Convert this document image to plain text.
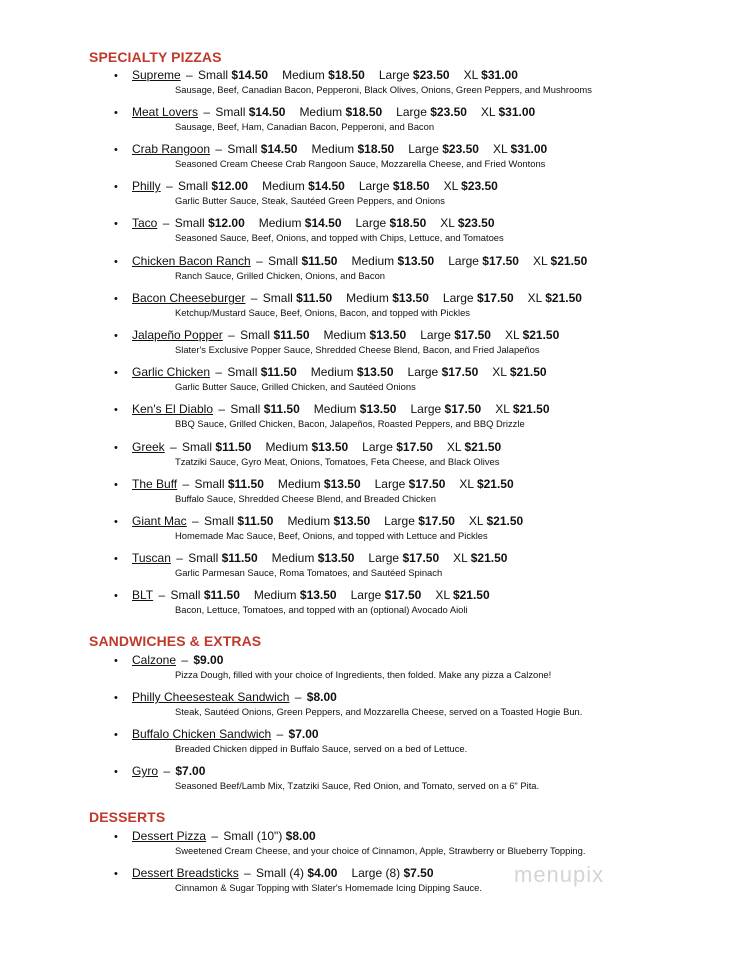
SPECIALTY PIZZAS
• Supreme – Small $14.50 Medium $18.50 Large $23.50 XL $31.00
Sausage, Beef, Canadian Bacon, Pepperoni, Black Olives, Onions, Green Peppers, and Mushrooms
• Meat Lovers – Small $14.50 Medium $18.50 Large $23.50 XL $31.00
Sausage, Beef, Ham, Canadian Bacon, Pepperoni, and Bacon
• Crab Rangoon – Small $14.50 Medium $18.50 Large $23.50 XL $31.00
Seasoned Cream Cheese Crab Rangoon Sauce, Mozzarella Cheese, and Fried Wontons
• Philly – Small $12.00 Medium $14.50 Large $18.50 XL $23.50
Garlic Butter Sauce, Steak, Sautéed Green Peppers, and Onions
• Taco – Small $12.00 Medium $14.50 Large $18.50 XL $23.50
Seasoned Sauce, Beef, Onions, and topped with Chips, Lettuce, and Tomatoes
• Chicken Bacon Ranch – Small $11.50 Medium $13.50 Large $17.50 XL $21.50
Ranch Sauce, Grilled Chicken, Onions, and Bacon
• Bacon Cheeseburger – Small $11.50 Medium $13.50 Large $17.50 XL $21.50
Ketchup/Mustard Sauce, Beef, Onions, Bacon, and topped with Pickles
• Jalapeño Popper – Small $11.50 Medium $13.50 Large $17.50 XL $21.50
Slater's Exclusive Popper Sauce, Shredded Cheese Blend, Bacon, and Fried Jalapeños
• Garlic Chicken – Small $11.50 Medium $13.50 Large $17.50 XL $21.50
Garlic Butter Sauce, Grilled Chicken, and Sautéed Onions
• Ken's El Diablo – Small $11.50 Medium $13.50 Large $17.50 XL $21.50
BBQ Sauce, Grilled Chicken, Bacon, Jalapeños, Roasted Peppers, and BBQ Drizzle
• Greek – Small $11.50 Medium $13.50 Large $17.50 XL $21.50
Tzatziki Sauce, Gyro Meat, Onions, Tomatoes, Feta Cheese, and Black Olives
• The Buff – Small $11.50 Medium $13.50 Large $17.50 XL $21.50
Buffalo Sauce, Shredded Cheese Blend, and Breaded Chicken
• Giant Mac – Small $11.50 Medium $13.50 Large $17.50 XL $21.50
Homemade Mac Sauce, Beef, Onions, and topped with Lettuce and Pickles
• Tuscan – Small $11.50 Medium $13.50 Large $17.50 XL $21.50
Garlic Parmesan Sauce, Roma Tomatoes, and Sautéed Spinach
• BLT – Small $11.50 Medium $13.50 Large $17.50 XL $21.50
Bacon, Lettuce, Tomatoes, and topped with an (optional) Avocado Aioli
SANDWICHES & EXTRAS
• Calzone – $9.00
Pizza Dough, filled with your choice of Ingredients, then folded. Make any pizza a Calzone!
• Philly Cheesesteak Sandwich – $8.00
Steak, Sautéed Onions, Green Peppers, and Mozzarella Cheese, served on a Toasted Hogie Bun.
• Buffalo Chicken Sandwich – $7.00
Breaded Chicken dipped in Buffalo Sauce, served on a bed of Lettuce.
• Gyro – $7.00
Seasoned Beef/Lamb Mix, Tzatziki Sauce, Red Onion, and Tomato, served on a 6" Pita.
DESSERTS
• Dessert Pizza – Small (10") $8.00
Sweetened Cream Cheese, and your choice of Cinnamon, Apple, Strawberry or Blueberry Topping.
• Dessert Breadsticks – Small (4) $4.00 Large (8) $7.50
Cinnamon & Sugar Topping with Slater's Homemade Icing Dipping Sauce.
menupix
